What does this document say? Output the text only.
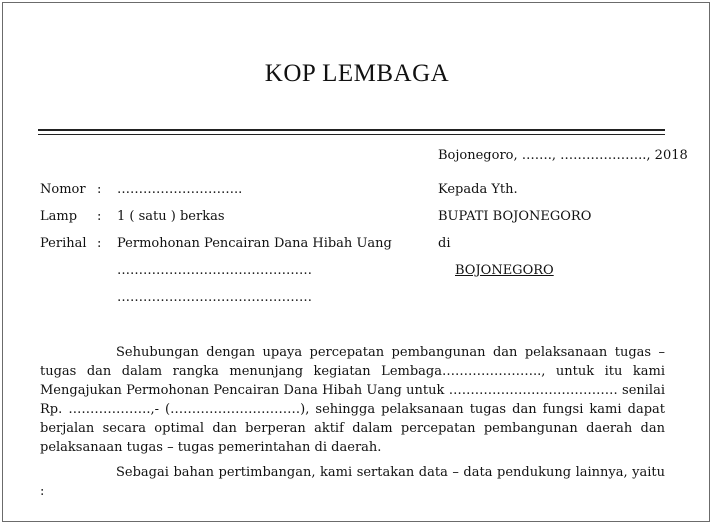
KOP LEMBAGA
Bojonegoro, ……., ……………….., 2018
Nomor : ………………………..
Lamp : 1 ( satu ) berkas
Perihal : Permohonan Pencairan Dana Hibah Uang
………………………………………
………………………………………
Kepada Yth.
BUPATI BOJONEGORO
di
BOJONEGORO
Sehubungan dengan upaya percepatan pembangunan dan pelaksanaan tugas – tugas dan dalam rangka menunjang kegiatan Lembaga………………….., untuk itu kami Mengajukan Permohonan Pencairan Dana Hibah Uang untuk ………………………………… senilai Rp. ……………….,- (…………………………), sehingga pelaksanaan tugas dan fungsi kami dapat berjalan secara optimal dan berperan aktif dalam percepatan pembangunan daerah dan pelaksanaan tugas – tugas pemerintahan di daerah.
Sebagai bahan pertimbangan, kami sertakan data – data pendukung lainnya, yaitu :
